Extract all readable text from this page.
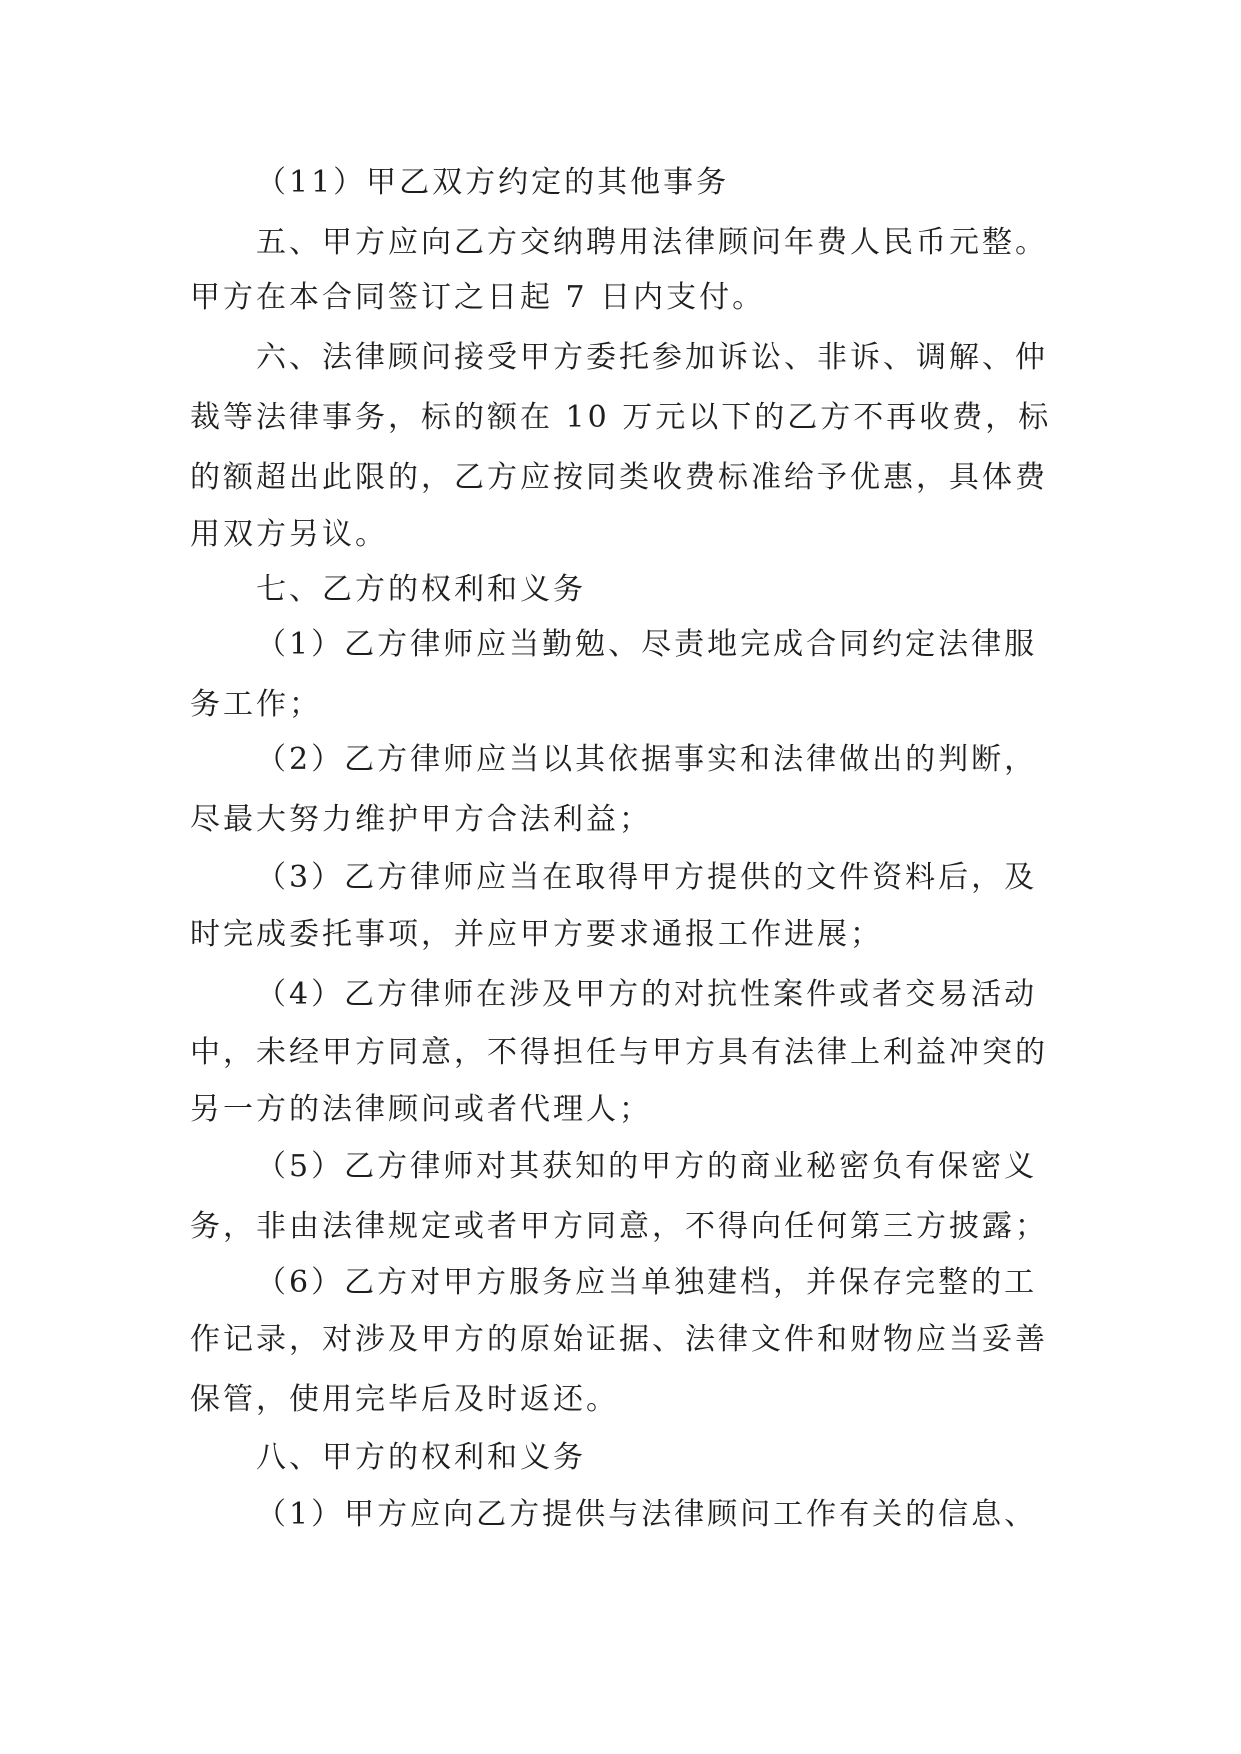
（11）甲乙双方约定的其他事务
五、甲方应向乙方交纳聘用法律顾问年费人民币元整。
甲方在本合同签订之日起 7 日内支付。
六、法律顾问接受甲方委托参加诉讼、非诉、调解、仲
裁等法律事务，标的额在 10 万元以下的乙方不再收费，标
的额超出此限的，乙方应按同类收费标准给予优惠，具体费
用双方另议。
七、乙方的权利和义务
（1）乙方律师应当勤勉、尽责地完成合同约定法律服
务工作；
（2）乙方律师应当以其依据事实和法律做出的判断，
尽最大努力维护甲方合法利益；
（3）乙方律师应当在取得甲方提供的文件资料后，及
时完成委托事项，并应甲方要求通报工作进展；
（4）乙方律师在涉及甲方的对抗性案件或者交易活动
中，未经甲方同意，不得担任与甲方具有法律上利益冲突的
另一方的法律顾问或者代理人；
（5）乙方律师对其获知的甲方的商业秘密负有保密义
务，非由法律规定或者甲方同意，不得向任何第三方披露；
（6）乙方对甲方服务应当单独建档，并保存完整的工
作记录，对涉及甲方的原始证据、法律文件和财物应当妥善
保管，使用完毕后及时返还。
八、甲方的权利和义务
（1）甲方应向乙方提供与法律顾问工作有关的信息、
